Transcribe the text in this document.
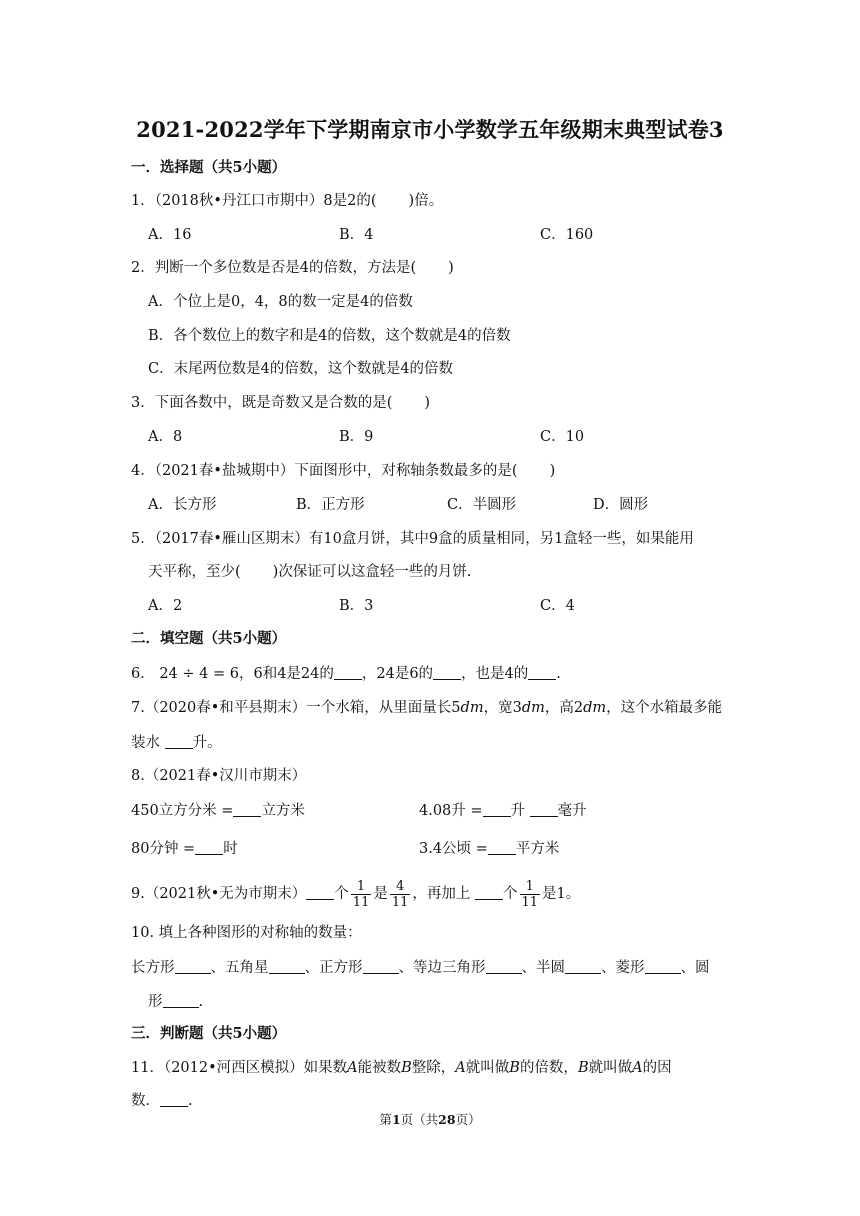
2021-2022学年下学期南京市小学数学五年级期末典型试卷3
一．选择题（共5小题）
1．（2018秋•丹江口市期中）8是2的( )倍。
A．16	B．4	C．160
2．判断一个多位数是否是4的倍数，方法是( )
A．个位上是0，4，8的数一定是4的倍数
B．各个数位上的数字和是4的倍数，这个数就是4的倍数
C．末尾两位数是4的倍数，这个数就是4的倍数
3．下面各数中，既是奇数又是合数的是( )
A．8	B．9	C．10
4．（2021春•盐城期中）下面图形中，对称轴条数最多的是( )
A．长方形	B．正方形	C．半圆形	D．圆形
5．（2017春•雁山区期末）有10盒月饼，其中9盒的质量相同，另1盒轻一些，如果能用
天平称，至少( )次保证可以这盒轻一些的月饼.
A．2	B．3	C．4
二．填空题（共5小题）
6． 24 ÷ 4 = 6，6和4是24的 ，24是6的 ，也是4的 .
7.（2020春•和平县期末）一个水箱，从里面量长5dm，宽3dm，高2dm，这个水箱最多能
装水 升。
8.（2021春•汉川市期末）
450立方分米 = 立方米	4.08升 = 升 毫升
80分钟 = 时	3.4公顷 = 平方米
9.（2021秋•无为市期末） 个 $\frac{1}{11}$ 是 $\frac{4}{11}$ ，再加上 个 $\frac{1}{11}$ 是1。
10. 填上各种图形的对称轴的数量：
长方形 、五角星 、正方形 、等边三角形 、半圆 、菱形 、圆
形 .
三．判断题（共5小题）
11．（2012•河西区模拟）如果数A能被数B整除，A就叫做B的倍数，B就叫做A的因
数． .
第1页（共28页）
